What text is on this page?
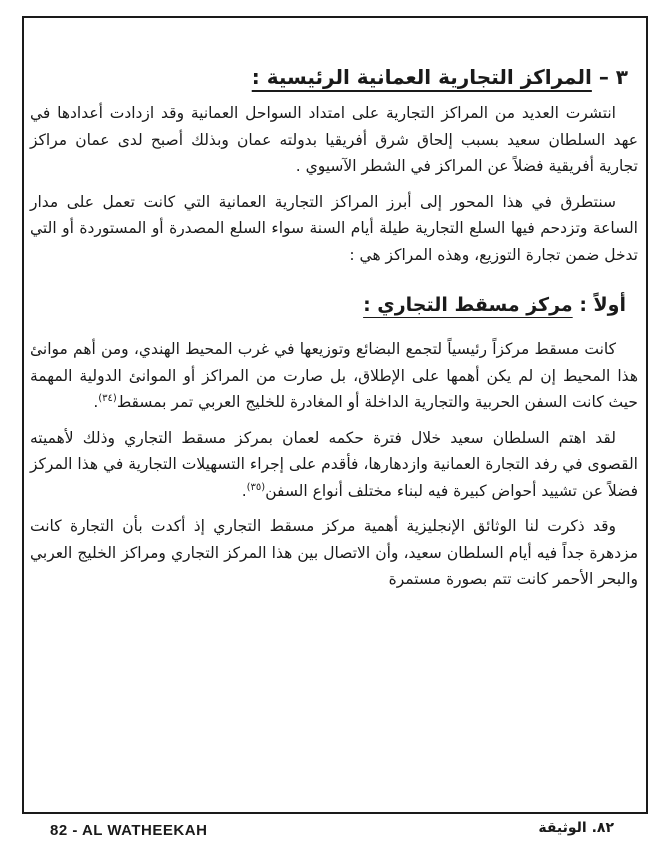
٣ – المراكز التجارية العمانية الرئيسية :

انتشرت العديد من المراكز التجارية على امتداد السواحل العمانية وقد ازدادت أعدادها في عهد السلطان سعيد بسبب إلحاق شرق أفريقيا بدولته عمان وبذلك أصبح لدى عمان مراكز تجارية أفريقية فضلاً عن المراكز في الشطر الآسيوي .

سنتطرق في هذا المحور إلى أبرز المراكز التجارية العمانية التي كانت تعمل على مدار الساعة وتزدحم فيها السلع التجارية طيلة أيام السنة سواء السلع المصدرة أو المستوردة أو التي تدخل ضمن تجارة التوزيع، وهذه المراكز هي :

أولاً : مركز مسقط التجاري :

كانت مسقط مركزاً رئيسياً لتجمع البضائع وتوزيعها في غرب المحيط الهندي، ومن أهم موانئ هذا المحيط إن لم يكن أهمها على الإطلاق، بل صارت من المراكز أو الموانئ الدولية المهمة حيث كانت السفن الحربية والتجارية الداخلة أو المغادرة للخليج العربي تمر بمسقط$^{(٣٤)}$.

لقد اهتم السلطان سعيد خلال فترة حكمه لعمان بمركز مسقط التجاري وذلك لأهميته القصوى في رفد التجارة العمانية وازدهارها، فأقدم على إجراء التسهيلات التجارية في هذا المركز فضلاً عن تشييد أحواض كبيرة فيه لبناء مختلف أنواع السفن$^{(٣٥)}$.

وقد ذكرت لنا الوثائق الإنجليزية أهمية مركز مسقط التجاري إذ أكدت بأن التجارة كانت مزدهرة جداً فيه أيام السلطان سعيد، وأن الاتصال بين هذا المركز التجاري ومراكز الخليج العربي والبحر الأحمر كانت تتم بصورة مستمرة

82 - AL WATHEEKAH	٨٢. الوثيقة
